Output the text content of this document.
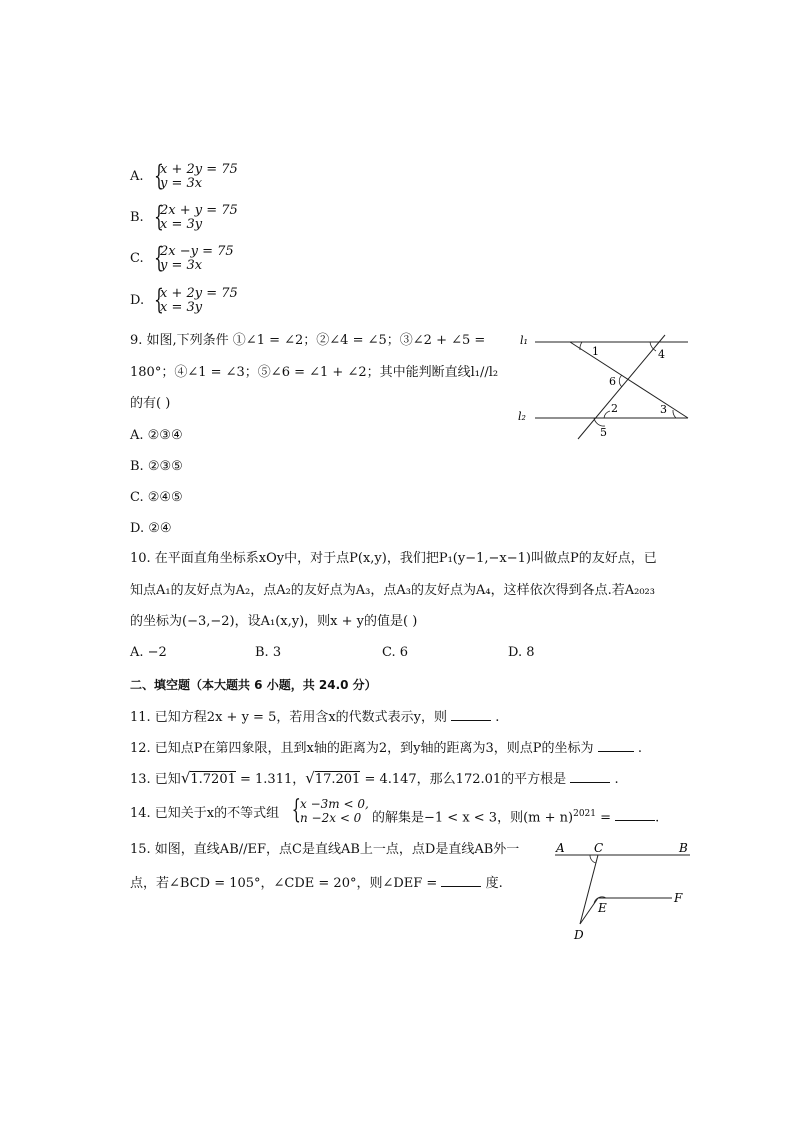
A. {
x + 2y = 75
y = 3x
B. {
2x + y = 75
x = 3y
C. {
2x −y = 75
y = 3x
D. {
x + 2y = 75
x = 3y
9. 如图,下列条件 ①∠1 = ∠2；②∠4 = ∠5；③∠2 + ∠5 =
180°；④∠1 = ∠3；⑤∠6 = ∠1 + ∠2；其中能判断直线l₁//l₂
的有( )
A. ②③④
B. ②③⑤
C. ②④⑤
D. ②④
l₁
l₂
1	4
6
2	3
5
10. 在平面直角坐标系xOy中，对于点P(x,y)，我们把P₁(y−1,−x−1)叫做点P的友好点，已
知点A₁的友好点为A₂，点A₂的友好点为A₃，点A₃的友好点为A₄，这样依次得到各点.若A₂₀₂₃
的坐标为(−3,−2)，设A₁(x,y)，则x + y的值是( )
A. −2	B. 3	C. 6	D. 8
二、填空题（本大题共 6 小题，共 24.0 分）
11. 已知方程2x + y = 5，若用含x的代数式表示y，则	.
12. 已知点P在第四象限，且到x轴的距离为2，到y轴的距离为3，则点P的坐标为	.
13. 已知√1.7201 = 1.311，√17.201 = 4.147，那么172.01的平方根是	.
14. 已知关于x的不等式组 { x −3m < 0,
n −2x < 0 的解集是−1 < x < 3，则$(m + n)^{2021}$ =	.
15. 如图，直线AB//EF，点C是直线AB上一点，点D是直线AB外一
点，若∠BCD = 105°，∠CDE = 20°，则∠DEF =	度.
A C	B
E
F
D
